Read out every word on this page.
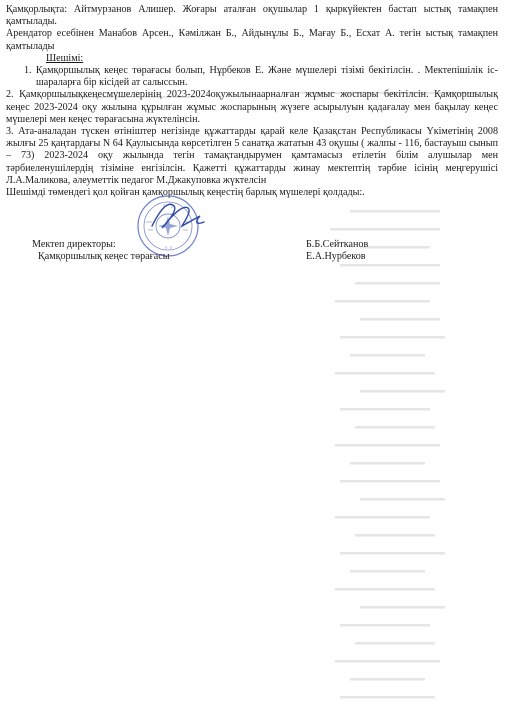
Қамқорлықта: Айтмурзанов Алишер. Жоғары аталған оқушылар 1 қыркүйектен бастап ыстық тамақпен қамтылады.

Арендатор есебінен Манабов Арсен., Кәмілжан Б., Айдынұлы Б., Мағау Б., Есхат А. тегін ыстық тамақпен қамтылады

Шешімі:

1. Қамқоршылық кеңес төрағасы болып, Нұрбеков Е. Және мүшелері тізімі бекітілсін. . Мектепішілік іс-шараларға бір кісідей ат салыссын.

2. Қамқоршылықкеңесмүшелерінің 2023-2024оқужылынаарналған жұмыс жоспары бекітілсін. Қамқоршылық кеңес 2023-2024 оқу жылына құрылған жұмыс жоспарының жүзеге асырылуын қадағалау мен бақылау кеңес мүшелері мен кеңес төрағасына жүктелінсін.

3. Ата-аналадан түскен өтініштер негізінде құжаттарды қарай келе Қазақстан Республикасы Үкіметінің 2008 жылғы 25 қаңтардағы N 64 Қаулысында көрсетілген 5 санатқа жататын 43 оқушы ( жалпы - 116, бастауыш сынып – 73) 2023-2024 оқу жылында тегін тамақтандырумен қамтамасыз етілетін білім алушылар мен тәрбиеленушілердің тізіміне енгізілсін. Қажетті құжаттарды жинау мектептің тәрбие ісінің меңгерушісі Л.А.Маликова, әлеуметтік педагог М.Джакуповка жүктелсін

Шешімді төмендегі қол қойған қамқоршылық кеңестің барлық мүшелері қолдады:.

Мектеп директоры:	Б.Б.Сейтканов
Қамқоршылық кеңес төрағасы	Е.А.Нурбеков
